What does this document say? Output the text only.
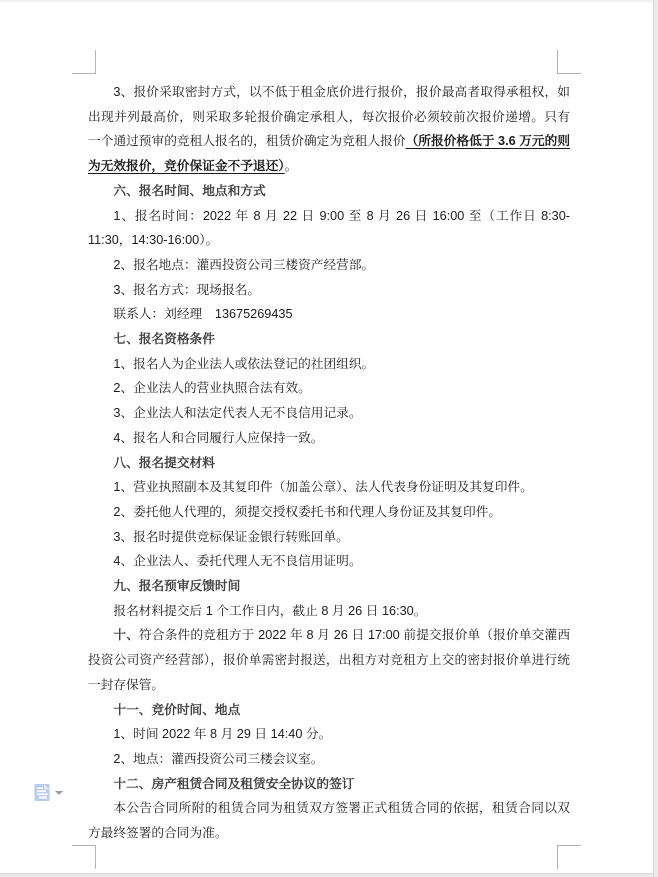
3、报价采取密封方式，以不低于租金底价进行报价，报价最高者取得承租权，如出现并列最高价，则采取多轮报价确定承租人，每次报价必须较前次报价递增。只有一个通过预审的竞租人报名的，租赁价确定为竞租人报价（所报价格低于 3.6 万元的则为无效报价，竞价保证金不予退还）。

六、报名时间、地点和方式

1、报名时间：2022 年 8 月 22 日 9:00 至 8 月 26 日 16:00 至（工作日 8:30-11:30，14:30-16:00）。

2、报名地点：灌西投资公司三楼资产经营部。

3、报名方式：现场报名。

联系人：刘经理　13675269435

七、报名资格条件

1、报名人为企业法人或依法登记的社团组织。

2、企业法人的营业执照合法有效。

3、企业法人和法定代表人无不良信用记录。

4、报名人和合同履行人应保持一致。

八、报名提交材料

1、营业执照副本及其复印件（加盖公章）、法人代表身份证明及其复印件。

2、委托他人代理的，须提交授权委托书和代理人身份证及其复印件。

3、报名时提供竞标保证金银行转账回单。

4、企业法人、委托代理人无不良信用证明。

九、报名预审反馈时间

报名材料提交后 1 个工作日内，截止 8 月 26 日 16:30。

十、符合条件的竞租方于 2022 年 8 月 26 日 17:00 前提交报价单（报价单交灌西投资公司资产经营部），报价单需密封报送，出租方对竞租方上交的密封报价单进行统一封存保管。

十一、竞价时间、地点

1、时间 2022 年 8 月 29 日 14:40 分。

2、地点：灌西投资公司三楼会议室。

十二、房产租赁合同及租赁安全协议的签订

本公告合同所附的租赁合同为租赁双方签署正式租赁合同的依据，租赁合同以双方最终签署的合同为准。
